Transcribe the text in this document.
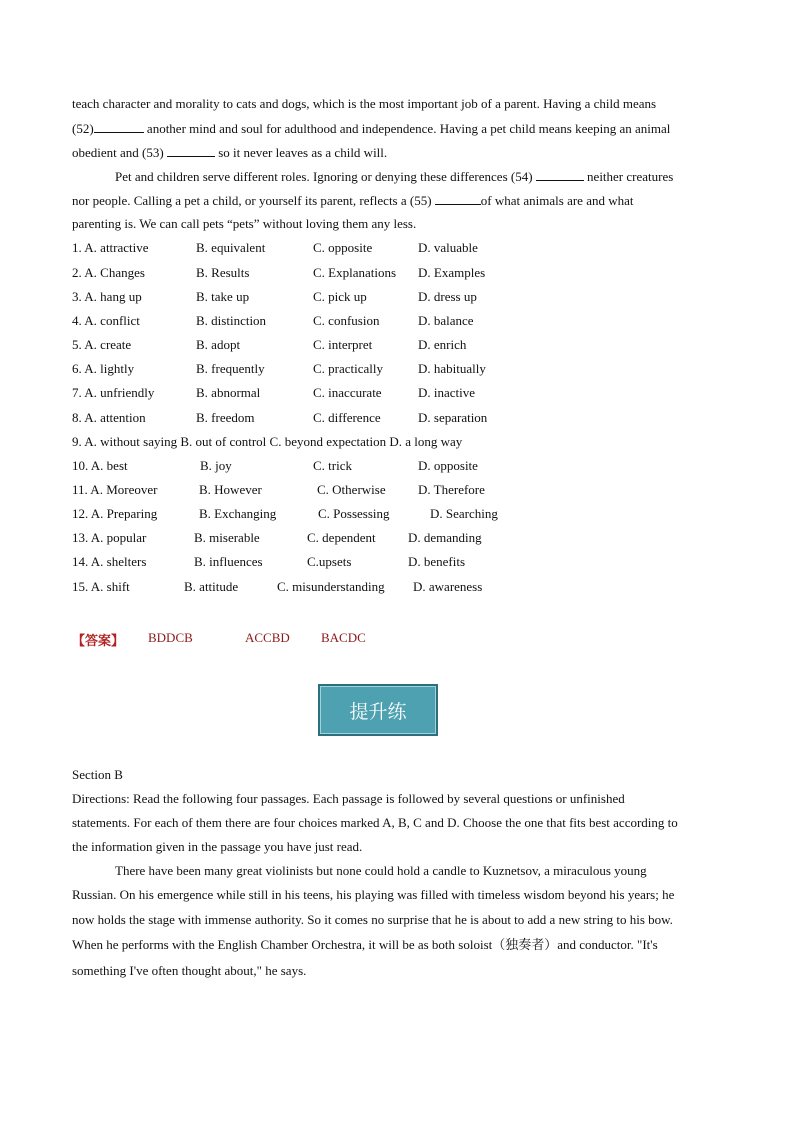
teach character and morality to cats and dogs, which is the most important job of a parent. Having a child means
(52)	another mind and soul for adulthood and independence. Having a pet child means keeping an animal
obedient and (53)	so it never leaves as a child will.
Pet and children serve different roles. Ignoring or denying these differences (54)	neither creatures
nor people. Calling a pet a child, or yourself its parent, reflects a (55)	of what animals are and what
parenting is. We can call pets “pets” without loving them any less.
1. A. attractive	B. equivalent	C. opposite	D. valuable
2. A. Changes	B. Results	C. Explanations D. Examples
3. A. hang up	B. take up	C. pick up	D. dress up
4. A. conflict	B. distinction	C. confusion	D. balance
5. A. create	B. adopt	C. interpret	D. enrich
6. A. lightly	B. frequently	C. practically	D. habitually
7. A. unfriendly	B. abnormal	C. inaccurate	D. inactive
8. A. attention	B. freedom	C. difference	D. separation
9. A. without saying B. out of control C. beyond expectation D. a long way
10. A. best	B. joy	C. trick	D. opposite
11. A. Moreover	B. However	C. Otherwise D. Therefore
12. A. Preparing	B. Exchanging	C. Possessing	D. Searching
13. A. popular	B. miserable	C. dependent D. demanding
14. A. shelters	B. influences	C.upsets	D. benefits
15. A. shift	B. attitude	C. misunderstanding D. awareness
【答案】 BDDCB	ACCBD BACDC
提升练
Section B
Directions: Read the following four passages. Each passage is followed by several questions or unfinished
statements. For each of them there are four choices marked A, B, C and D. Choose the one that fits best according to
the information given in the passage you have just read.
There have been many great violinists but none could hold a candle to Kuznetsov, a miraculous young
Russian. On his emergence while still in his teens, his playing was filled with timeless wisdom beyond his years; he
now holds the stage with immense authority. So it comes no surprise that he is about to add a new string to his bow.
When he performs with the English Chamber Orchestra, it will be as both soloist（独奏者）and conductor. "It's
something I've often thought about," he says.
